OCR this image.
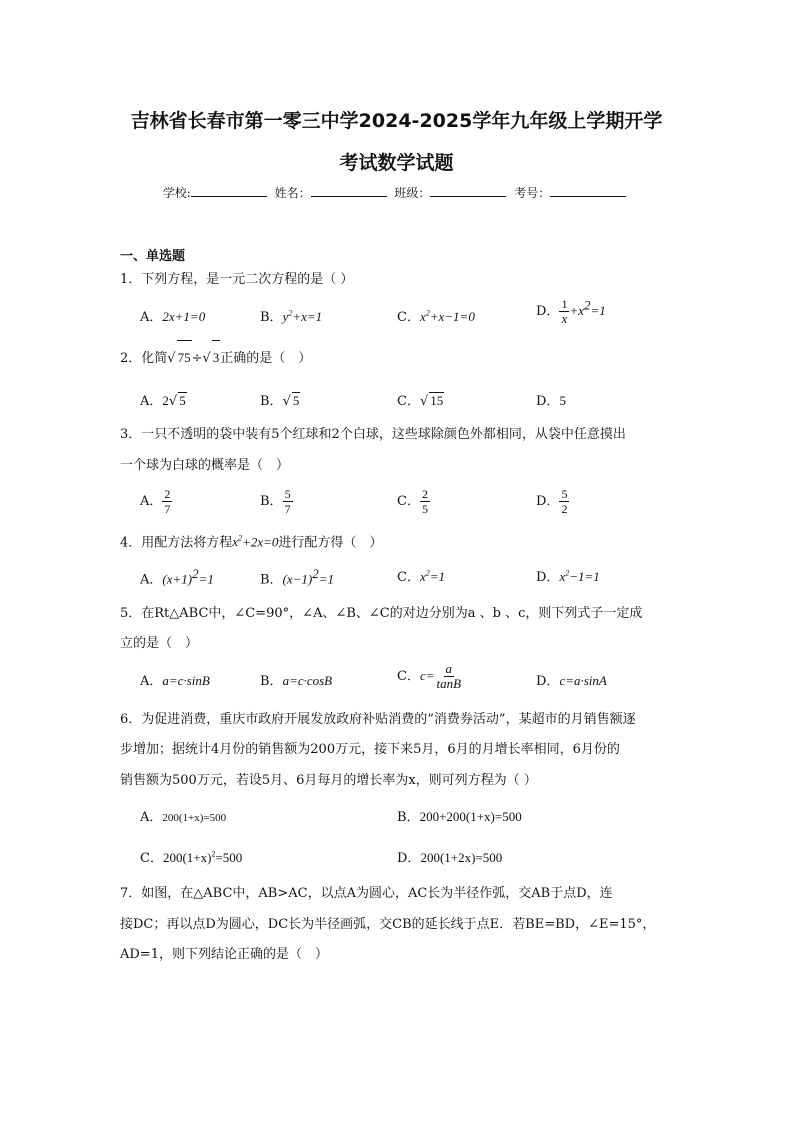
吉林省长春市第一零三中学2024-2025学年九年级上学期开学
考试数学试题
学校:	姓名：	班级：	考号：
一、单选题
1．下列方程，是一元二次方程的是（ ）
A．2x+1=0	B．$y^2+x=1$	C．$x^2+x-1=0$	D． $\frac{1}{x} +x^2=1$
2．化简√ 75÷√ 3正确的是（　）
A．2√ 5	B．√ 5	C．√ 15	D．5
3．一只不透明的袋中装有5个红球和2个白球，这些球除颜色外都相同，从袋中任意摸出
一个球为白球的概率是（　）
A． $\frac{2}{7}$	B． $\frac{5}{7}$	C． $\frac{2}{5}$	D． $\frac{5}{2}$
4．用配方法将方程$x^2+2x=0$进行配方得（　）
A．$(x+1)^2=1$	B．$(x-1)^2=1$	C．$x^2=1$	D．$x^2-1=1$
5．在Rt△ABC中，∠C=90°，∠A、∠B、∠C的对边分别为a 、b 、c，则下列式子一定成
立的是（　）
A．a=c·sinB	B．a=c·cosB	C．$c= \frac{a}{\tan B}$	D．c=a·sinA
6．为促进消费，重庆市政府开展发放政府补贴消费的“消费券活动”，某超市的月销售额逐
步增加；据统计4月份的销售额为200万元，接下来5月，6月的月增长率相同，6月份的
销售额为500万元，若设5月、6月每月的增长率为x，则可列方程为（ ）
A．200(1+x)=500	B．200+200(1+x)=500
C．$200(1+x)^2=500$	D．200(1+2x)=500
7．如图，在△ABC中，AB>AC，以点A为圆心，AC长为半径作弧，交AB于点D，连
接DC；再以点D为圆心，DC长为半径画弧，交CB的延长线于点E．若BE=BD，∠E=15°，
AD=1，则下列结论正确的是（　）
